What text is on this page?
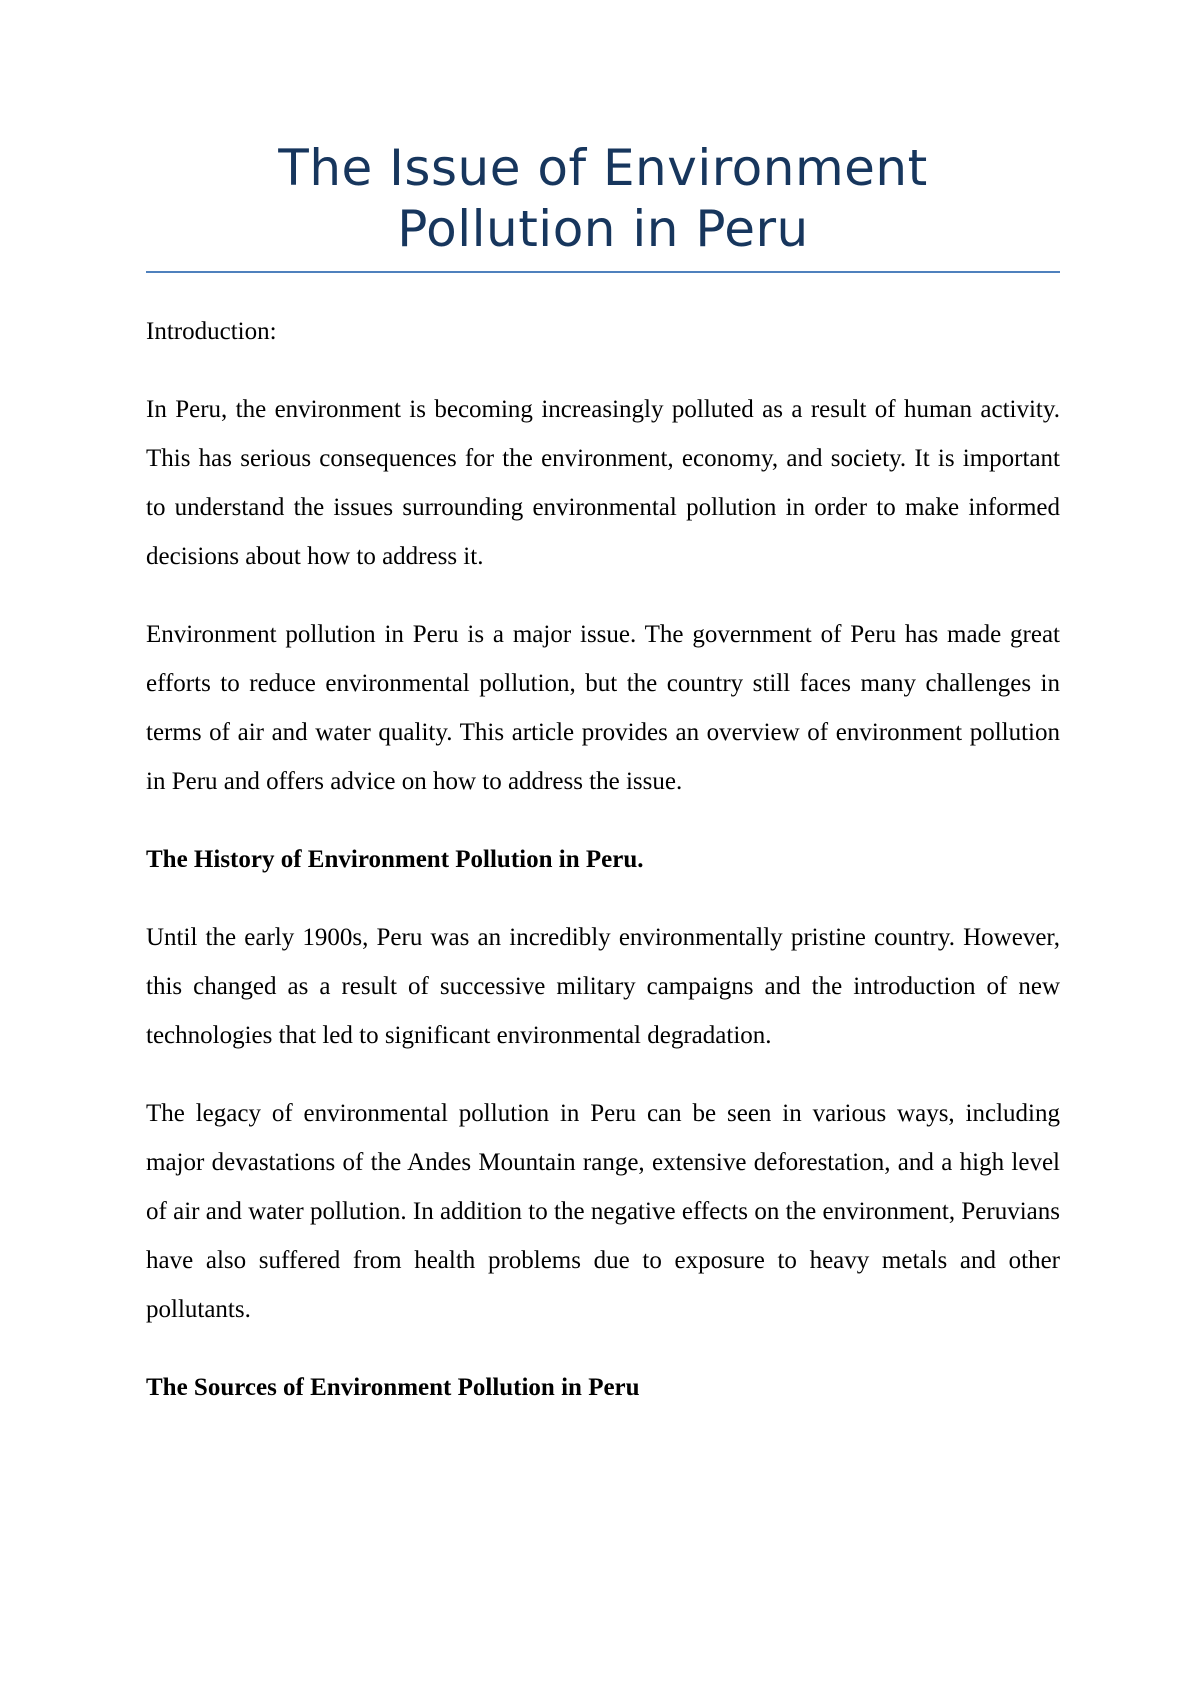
The Issue of Environment
Pollution in Peru

Introduction:

In Peru, the environment is becoming increasingly polluted as a result of human activity. This has serious consequences for the environment, economy, and society. It is important to understand the issues surrounding environmental pollution in order to make informed decisions about how to address it.

Environment pollution in Peru is a major issue. The government of Peru has made great efforts to reduce environmental pollution, but the country still faces many challenges in terms of air and water quality. This article provides an overview of environment pollution in Peru and offers advice on how to address the issue.

The History of Environment Pollution in Peru.

Until the early 1900s, Peru was an incredibly environmentally pristine country. However, this changed as a result of successive military campaigns and the introduction of new technologies that led to significant environmental degradation.

The legacy of environmental pollution in Peru can be seen in various ways, including major devastations of the Andes Mountain range, extensive deforestation, and a high level of air and water pollution. In addition to the negative effects on the environment, Peruvians have also suffered from health problems due to exposure to heavy metals and other pollutants.

The Sources of Environment Pollution in Peru
